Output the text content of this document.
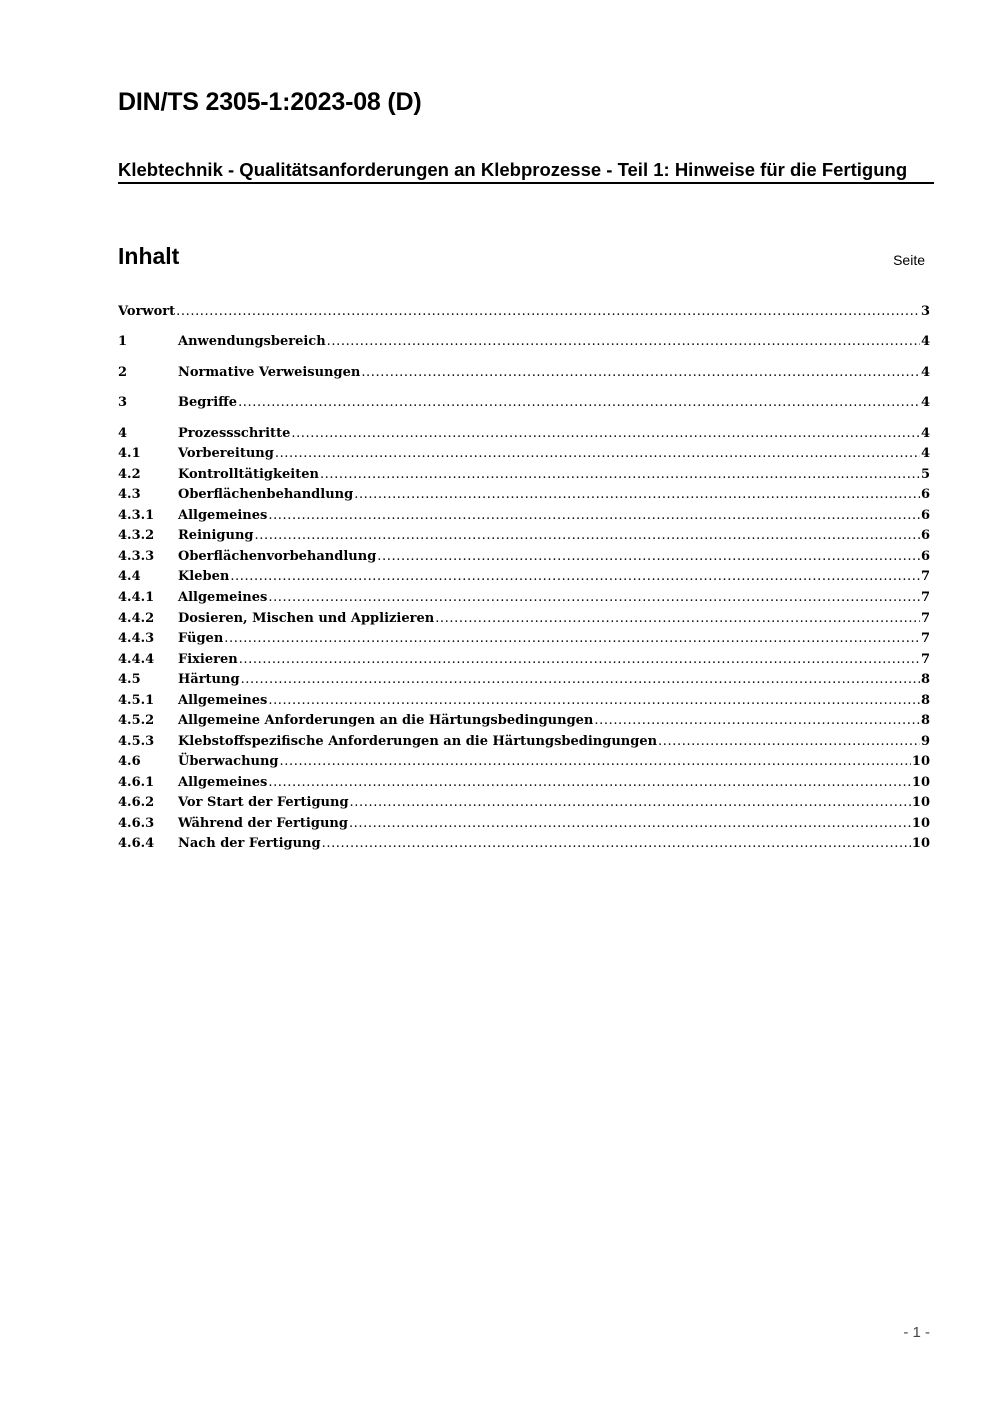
DIN/TS 2305-1:2023-08 (D)
Klebtechnik - Qualitätsanforderungen an Klebprozesse - Teil 1: Hinweise für die Fertigung
Inhalt	Seite
Vorwort .....	3
1	Anwendungsbereich .....	4
2	Normative Verweisungen .....	4
3	Begriffe .....	4
4	Prozessschritte .....	4
4.1	Vorbereitung .....	4
4.2	Kontrolltätigkeiten .....	5
4.3	Oberflächenbehandlung .....	6
4.3.1	Allgemeines .....	6
4.3.2	Reinigung .....	6
4.3.3	Oberflächenvorbehandlung .....	6
4.4	Kleben .....	7
4.4.1	Allgemeines .....	7
4.4.2	Dosieren, Mischen und Applizieren .....	7
4.4.3	Fügen .....	7
4.4.4	Fixieren .....	7
4.5	Härtung .....	8
4.5.1	Allgemeines .....	8
4.5.2	Allgemeine Anforderungen an die Härtungsbedingungen .....	8
4.5.3	Klebstoffspezifische Anforderungen an die Härtungsbedingungen .....	9
4.6	Überwachung .....	10
4.6.1	Allgemeines .....	10
4.6.2	Vor Start der Fertigung .....	10
4.6.3	Während der Fertigung .....	10
4.6.4	Nach der Fertigung .....	10
- 1 -
